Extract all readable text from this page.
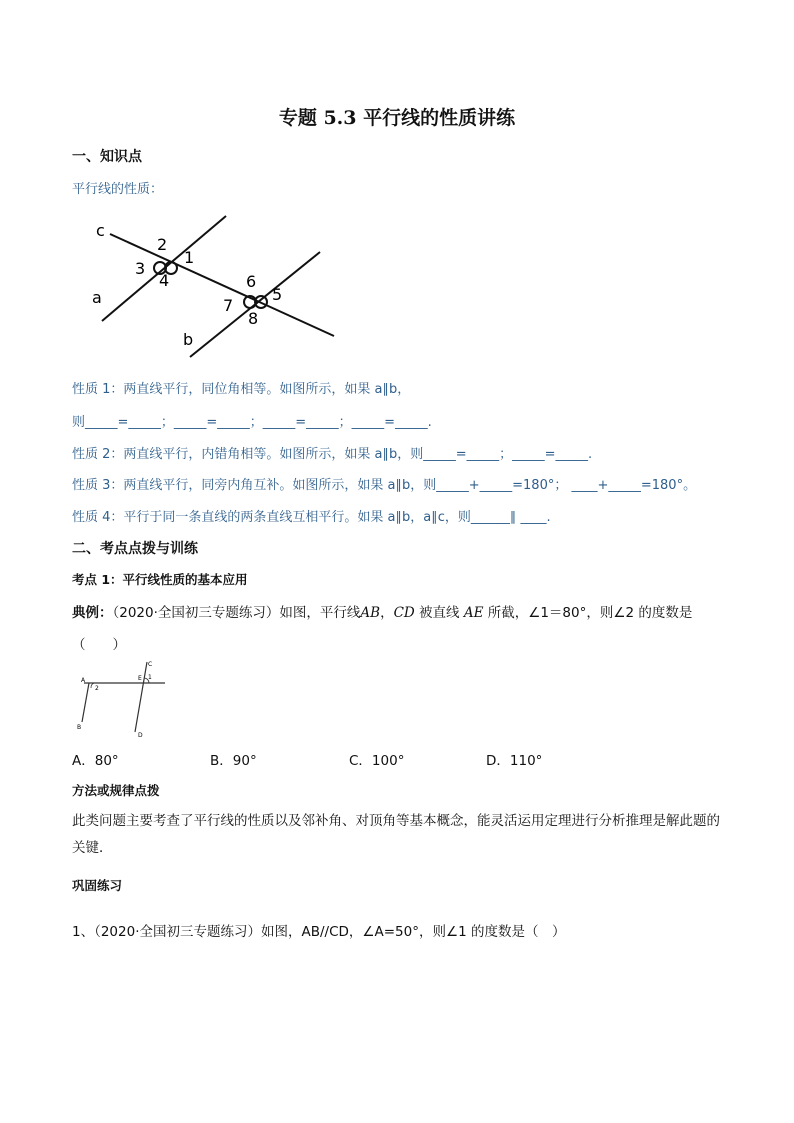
专题 5.3 平行线的性质讲练
一、知识点
平行线的性质：
c
a
b
2
1
3
4	6
5
7
8
性质 1：两直线平行，同位角相等。如图所示，如果 a∥b，
则_____=_____；_____=_____；_____=_____；_____=_____.
性质 2：两直线平行，内错角相等。如图所示，如果 a∥b，则_____=_____；_____=_____.
性质 3：两直线平行，同旁内角互补。如图所示，如果 a∥b，则_____+_____=180°； ____+_____=180°。
性质 4：平行于同一条直线的两条直线互相平行。如果 a∥b，a∥c，则______∥ ____.
二、考点点拨与训练
考点 1：平行线性质的基本应用
典例：（2020·全国初三专题练习）如图，平行线AB，CD 被直线 AE 所截，∠1＝80°，则∠2 的度数是
（　　）
A
2
E 1
C
B
D
A．80°	B．90°	C．100°	D．110°
方法或规律点拨
此类问题主要考查了平行线的性质以及邻补角、对顶角等基本概念，能灵活运用定理进行分析推理是解此题的关键．
巩固练习
1、（2020·全国初三专题练习）如图，AB//CD，∠A=50°，则∠1 的度数是（　）
